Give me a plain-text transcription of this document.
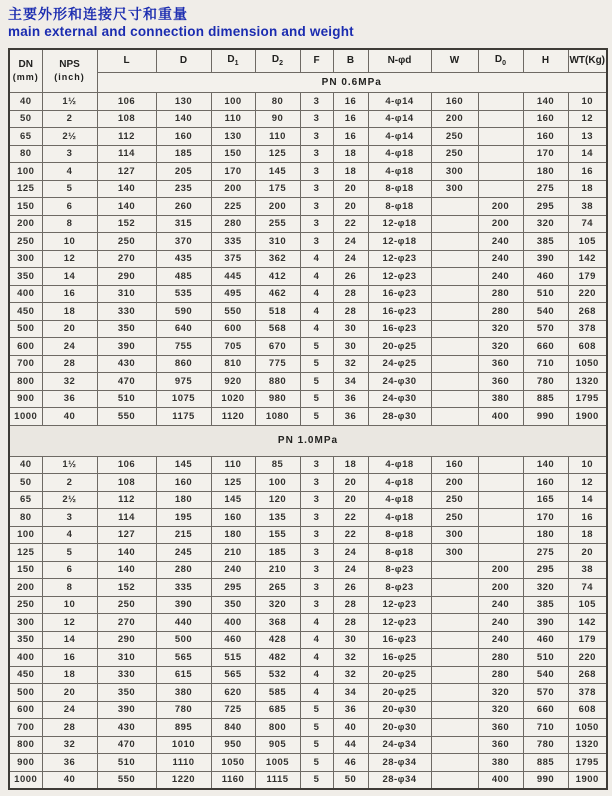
主要外形和连接尺寸和重量
main external and connection dimension and weight
DN
(mm)	NPS
(inch)	L	D	$D_1$	$D_2$	F	B	N-φd	W	$D_0$	H	WT(Kg)
		PN 0.6MPa										
40	1½	106	130	100	80	3	16	4-φ14	160		140	10
50	2	108	140	110	90	3	16	4-φ14	200		160	12
65	2½	112	160	130	110	3	16	4-φ14	250		160	13
80	3	114	185	150	125	3	18	4-φ18	250		170	14
100	4	127	205	170	145	3	18	4-φ18	300		180	16
125	5	140	235	200	175	3	20	8-φ18	300		275	18
150	6	140	260	225	200	3	20	8-φ18		200	295	38
200	8	152	315	280	255	3	22	12-φ18		200	320	74
250	10	250	370	335	310	3	24	12-φ18		240	385	105
300	12	270	435	375	362	4	24	12-φ23		240	390	142
350	14	290	485	445	412	4	26	12-φ23		240	460	179
400	16	310	535	495	462	4	28	16-φ23		280	510	220
450	18	330	590	550	518	4	28	16-φ23		280	540	268
500	20	350	640	600	568	4	30	16-φ23		320	570	378
600	24	390	755	705	670	5	30	20-φ25		320	660	608
700	28	430	860	810	775	5	32	24-φ25		360	710	1050
800	32	470	975	920	880	5	34	24-φ30		360	780	1320
900	36	510	1075	1020	980	5	36	24-φ30		380	885	1795
1000	40	550	1175	1120	1080	5	36	28-φ30		400	990	1900
PN 1.0MPa												
40	1½	106	145	110	85	3	18	4-φ18	160		140	10
50	2	108	160	125	100	3	20	4-φ18	200		160	12
65	2½	112	180	145	120	3	20	4-φ18	250		165	14
80	3	114	195	160	135	3	22	4-φ18	250		170	16
100	4	127	215	180	155	3	22	8-φ18	300		180	18
125	5	140	245	210	185	3	24	8-φ18	300		275	20
150	6	140	280	240	210	3	24	8-φ23		200	295	38
200	8	152	335	295	265	3	26	8-φ23		200	320	74
250	10	250	390	350	320	3	28	12-φ23		240	385	105
300	12	270	440	400	368	4	28	12-φ23		240	390	142
350	14	290	500	460	428	4	30	16-φ23		240	460	179
400	16	310	565	515	482	4	32	16-φ25		280	510	220
450	18	330	615	565	532	4	32	20-φ25		280	540	268
500	20	350	380	620	585	4	34	20-φ25		320	570	378
600	24	390	780	725	685	5	36	20-φ30		320	660	608
700	28	430	895	840	800	5	40	20-φ30		360	710	1050
800	32	470	1010	950	905	5	44	24-φ34		360	780	1320
900	36	510	1110	1050	1005	5	46	28-φ34		380	885	1795
1000	40	550	1220	1160	1115	5	50	28-φ34		400	990	1900
